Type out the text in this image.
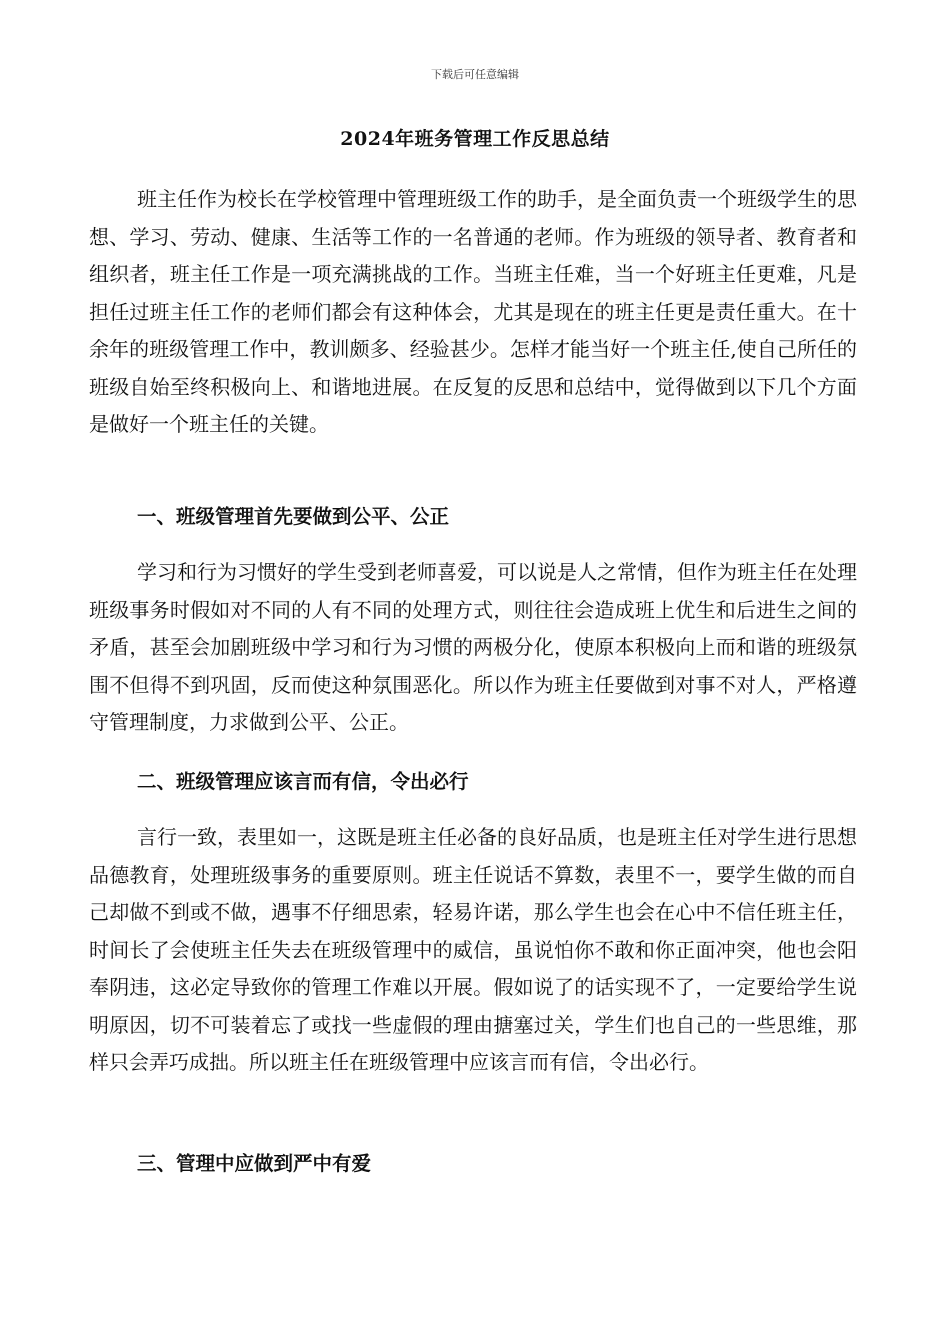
下载后可任意编辑
2024年班务管理工作反思总结

班主任作为校长在学校管理中管理班级工作的助手，是全面负责一个班级学生的思想、学习、劳动、健康、生活等工作的一名普通的老师。作为班级的领导者、教育者和组织者，班主任工作是一项充满挑战的工作。当班主任难，当一个好班主任更难，凡是担任过班主任工作的老师们都会有这种体会，尤其是现在的班主任更是责任重大。在十余年的班级管理工作中，教训颇多、经验甚少。怎样才能当好一个班主任,使自己所任的班级自始至终积极向上、和谐地进展。在反复的反思和总结中，觉得做到以下几个方面是做好一个班主任的关键。

一、班级管理首先要做到公平、公正

学习和行为习惯好的学生受到老师喜爱，可以说是人之常情，但作为班主任在处理班级事务时假如对不同的人有不同的处理方式，则往往会造成班上优生和后进生之间的矛盾，甚至会加剧班级中学习和行为习惯的两极分化，使原本积极向上而和谐的班级氛围不但得不到巩固，反而使这种氛围恶化。所以作为班主任要做到对事不对人，严格遵守管理制度，力求做到公平、公正。

二、班级管理应该言而有信，令出必行

言行一致，表里如一，这既是班主任必备的良好品质，也是班主任对学生进行思想品德教育，处理班级事务的重要原则。班主任说话不算数，表里不一，要学生做的而自己却做不到或不做，遇事不仔细思索，轻易许诺，那么学生也会在心中不信任班主任，时间长了会使班主任失去在班级管理中的威信，虽说怕你不敢和你正面冲突，他也会阳奉阴违，这必定导致你的管理工作难以开展。假如说了的话实现不了，一定要给学生说明原因，切不可装着忘了或找一些虚假的理由搪塞过关，学生们也自己的一些思维，那样只会弄巧成拙。所以班主任在班级管理中应该言而有信，令出必行。

三、管理中应做到严中有爱
